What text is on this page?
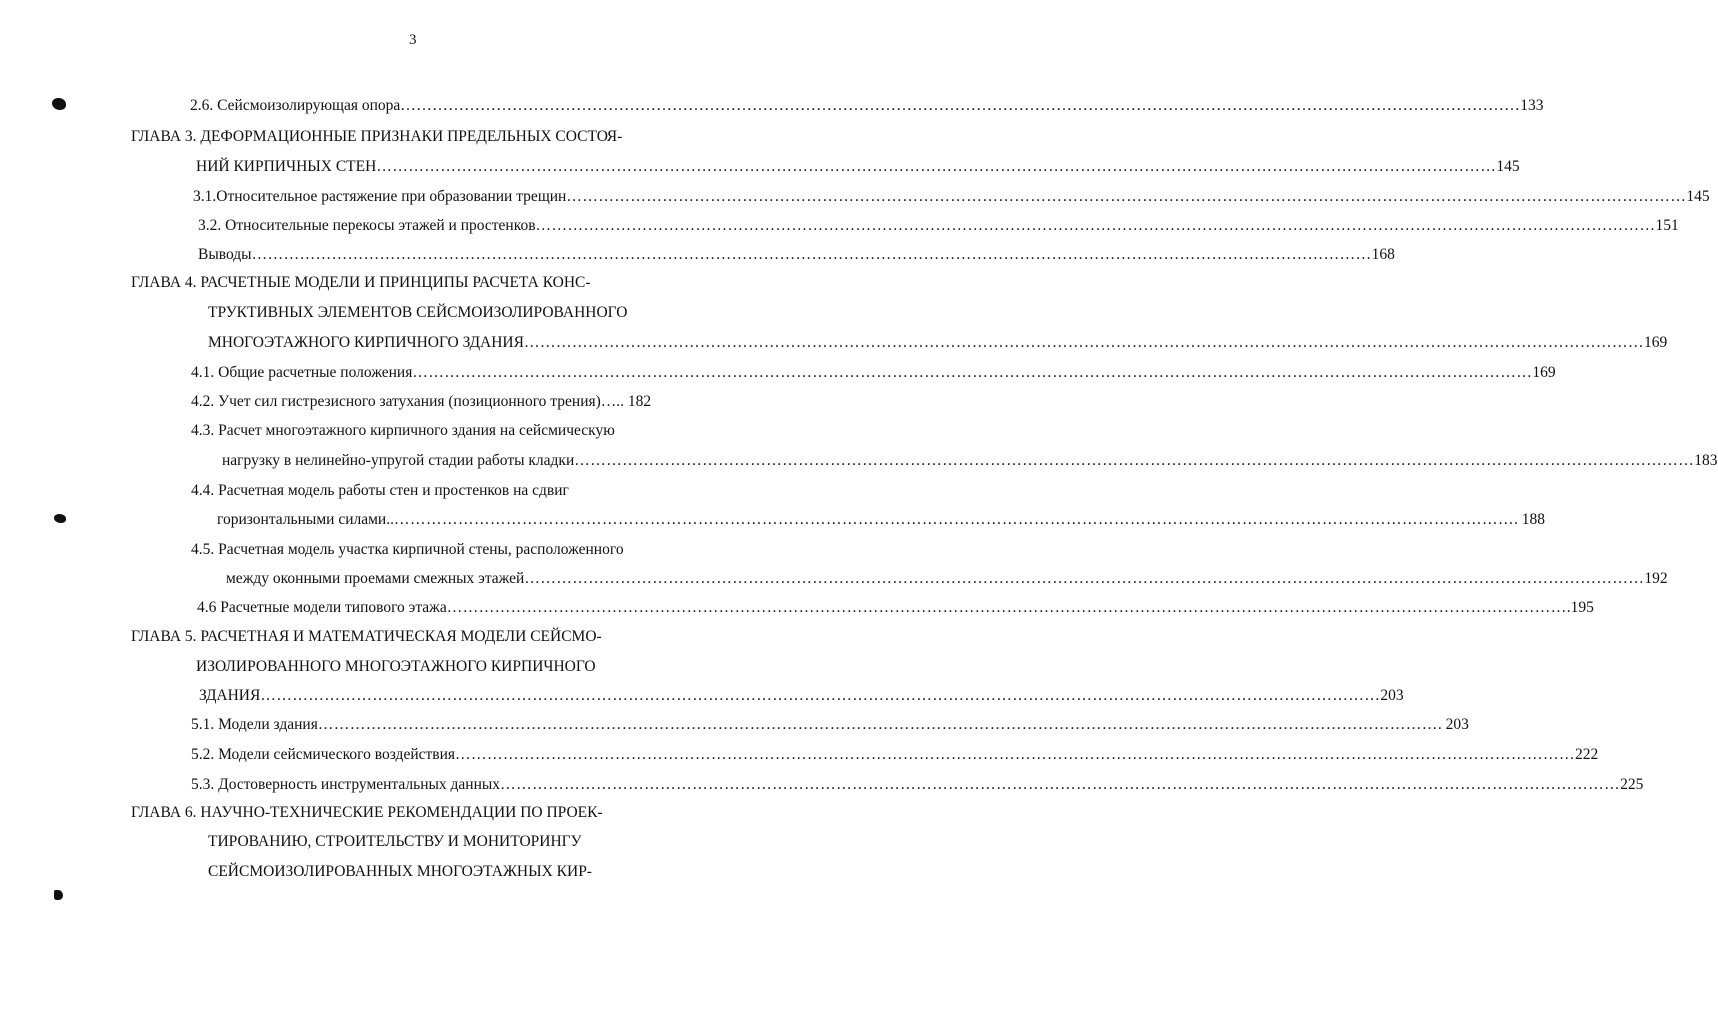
3
2.6. Сейсмоизолирующая опора ………………………………………………………………………………………………………………………………………………………………………………………… 133
ГЛАВА 3. ДЕФОРМАЦИОННЫЕ ПРИЗНАКИ ПРЕДЕЛЬНЫХ СОСТОЯ-
НИЙ КИРПИЧНЫХ СТЕН ………………………………………………………………………………………………………………………………………………………………………………………… 145
3.1.Относительное растяжение при образовании трещин ………………………………………………………………………………………………………………………………………………………………………………………… 145
3.2. Относительные перекосы этажей и простенков ………………………………………………………………………………………………………………………………………………………………………………………… 151
Выводы ………………………………………………………………………………………………………………………………………………………………………………………… 168
ГЛАВА 4. РАСЧЕТНЫЕ МОДЕЛИ И ПРИНЦИПЫ РАСЧЕТА КОНС-
ТРУКТИВНЫХ ЭЛЕМЕНТОВ СЕЙСМОИЗОЛИРОВАННОГО
МНОГОЭТАЖНОГО КИРПИЧНОГО ЗДАНИЯ ………………………………………………………………………………………………………………………………………………………………………………………… 169
4.1. Общие расчетные положения ………………………………………………………………………………………………………………………………………………………………………………………… 169
4.2. Учет сил гистрезисного затухания (позиционного трения)….. 182
4.3. Расчет многоэтажного кирпичного здания на сейсмическую
нагрузку в нелинейно-упругой стадии работы кладки ………………………………………………………………………………………………………………………………………………………………………………………… 183
4.4. Расчетная модель работы стен и простенков на сдвиг
горизонтальными силами.. ………………………………………………………………………………………………………………………………………………………………………………………… . 188
4.5. Расчетная модель участка кирпичной стены, расположенного
между оконными проемами смежных этажей ………………………………………………………………………………………………………………………………………………………………………………………… 192
4.6 Расчетные модели типового этажа ………………………………………………………………………………………………………………………………………………………………………………………… .195
ГЛАВА 5. РАСЧЕТНАЯ И МАТЕМАТИЧЕСКАЯ МОДЕЛИ СЕЙСМО-
ИЗОЛИРОВАННОГО МНОГОЭТАЖНОГО КИРПИЧНОГО
ЗДАНИЯ ………………………………………………………………………………………………………………………………………………………………………………………… 203
5.1. Модели здания ………………………………………………………………………………………………………………………………………………………………………………………… . 203
5.2. Модели сейсмического воздействия ………………………………………………………………………………………………………………………………………………………………………………………… 222
5.3. Достоверность инструментальных данных ………………………………………………………………………………………………………………………………………………………………………………………… 225
ГЛАВА 6. НАУЧНО-ТЕХНИЧЕСКИЕ РЕКОМЕНДАЦИИ ПО ПРОЕК-
ТИРОВАНИЮ, СТРОИТЕЛЬСТВУ И МОНИТОРИНГУ
СЕЙСМОИЗОЛИРОВАННЫХ МНОГОЭТАЖНЫХ КИР-
